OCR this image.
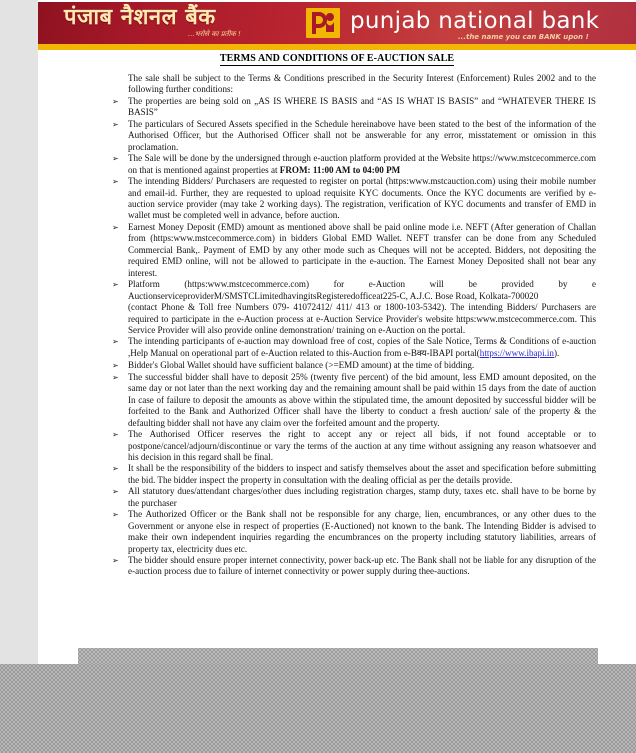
पंजाब नैशनल बैंक
...भरोसे का प्रतीक !	punjab national bank
...the name you can BANK upon !
TERMS AND CONDITIONS OF E-AUCTION SALE
The sale shall be subject to the Terms & Conditions prescribed in the Security Interest (Enforcement) Rules 2002 and to the following further conditions:
➢ The properties are being sold on „AS IS WHERE IS BASIS and “AS IS WHAT IS BASIS” and “WHATEVER THERE IS BASIS”
➢ The particulars of Secured Assets specified in the Schedule hereinabove have been stated to the best of the information of the Authorised Officer, but the Authorised Officer shall not be answerable for any error, misstatement or omission in this proclamation.
➢ The Sale will be done by the undersigned through e-auction platform provided at the Website https://www.mstcecommerce.com on that is mentioned against properties at FROM: 11:00 AM to 04:00 PM
➢ The intending Bidders/ Purchasers are requested to register on portal (https:www.mstcauction.com) using their mobile number and email-id. Further, they are requested to upload requisite KYC documents. Once the KYC documents are verified by e-auction service provider (may take 2 working days). The registration, verification of KYC documents and transfer of EMD in wallet must be completed well in advance, before auction.
➢ Earnest Money Deposit (EMD) amount as mentioned above shall be paid online mode i.e. NEFT (After generation of Challan from (https:www.mstcecommerce.com) in bidders Global EMD Wallet. NEFT transfer can be done from any Scheduled Commercial Bank,. Payment of EMD by any other mode such as Cheques will not be accepted. Bidders, not depositing the required EMD online, will not be allowed to participate in the e-auction. The Earnest Money Deposited shall not bear any interest.
➢ Platform (https:www.mstcecommerce.com) for e-Auction will be provided by e
AuctionserviceproviderM/SMSTCLimitedhavingitsRegisteredofficeat225-C, A.J.C. Bose Road, Kolkata-700020
(contact Phone & Toll free Numbers 079- 41072412/ 411/ 413 or 1800-103-5342). The intending Bidders/ Purchasers are required to participate in the e-Auction process at e-Auction Service Provider's website https:www.mstcecommerce.com. This Service Provider will also provide online demonstration/ training on e-Auction on the portal.
➢ The intending participants of e-auction may download free of cost, copies of the Sale Notice, Terms & Conditions of e-auction ,Help Manual on operational part of e-Auction related to this-Auction from e-Bक्य-IBAPI portal(https://www.ibapi.in).
➢ Bidder's Global Wallet should have sufficient balance (>=EMD amount) at the time of bidding.
➢ The successful bidder shall have to deposit 25% (twenty five percent) of the bid amount, less EMD amount deposited, on the same day or not later than the next working day and the remaining amount shall be paid within 15 days from the date of auction In case of failure to deposit the amounts as above within the stipulated time, the amount deposited by successful bidder will be forfeited to the Bank and Authorized Officer shall have the liberty to conduct a fresh auction/ sale of the property & the defaulting bidder shall not have any claim over the forfeited amount and the property.
➢ The Authorised Officer reserves the right to accept any or reject all bids, if not found acceptable or to postpone/cancel/adjourn/discontinue or vary the terms of the auction at any time without assigning any reason whatsoever and his decision in this regard shall be final.
➢ It shall be the responsibility of the bidders to inspect and satisfy themselves about the asset and specification before submitting the bid. The bidder inspect the property in consultation with the dealing official as per the details provide.
➢ All statutory dues/attendant charges/other dues including registration charges, stamp duty, taxes etc. shall have to be borne by the purchaser
➢ The Authorized Officer or the Bank shall not be responsible for any charge, lien, encumbrances, or any other dues to the Government or anyone else in respect of properties (E-Auctioned) not known to the bank. The Intending Bidder is advised to make their own independent inquiries regarding the encumbrances on the property including statutory liabilities, arrears of property tax, electricity dues etc.
➢ The bidder should ensure proper internet connectivity, power back-up etc. The Bank shall not be liable for any disruption of the e-auction process due to failure of internet connectivity or power supply during thee-auctions.
